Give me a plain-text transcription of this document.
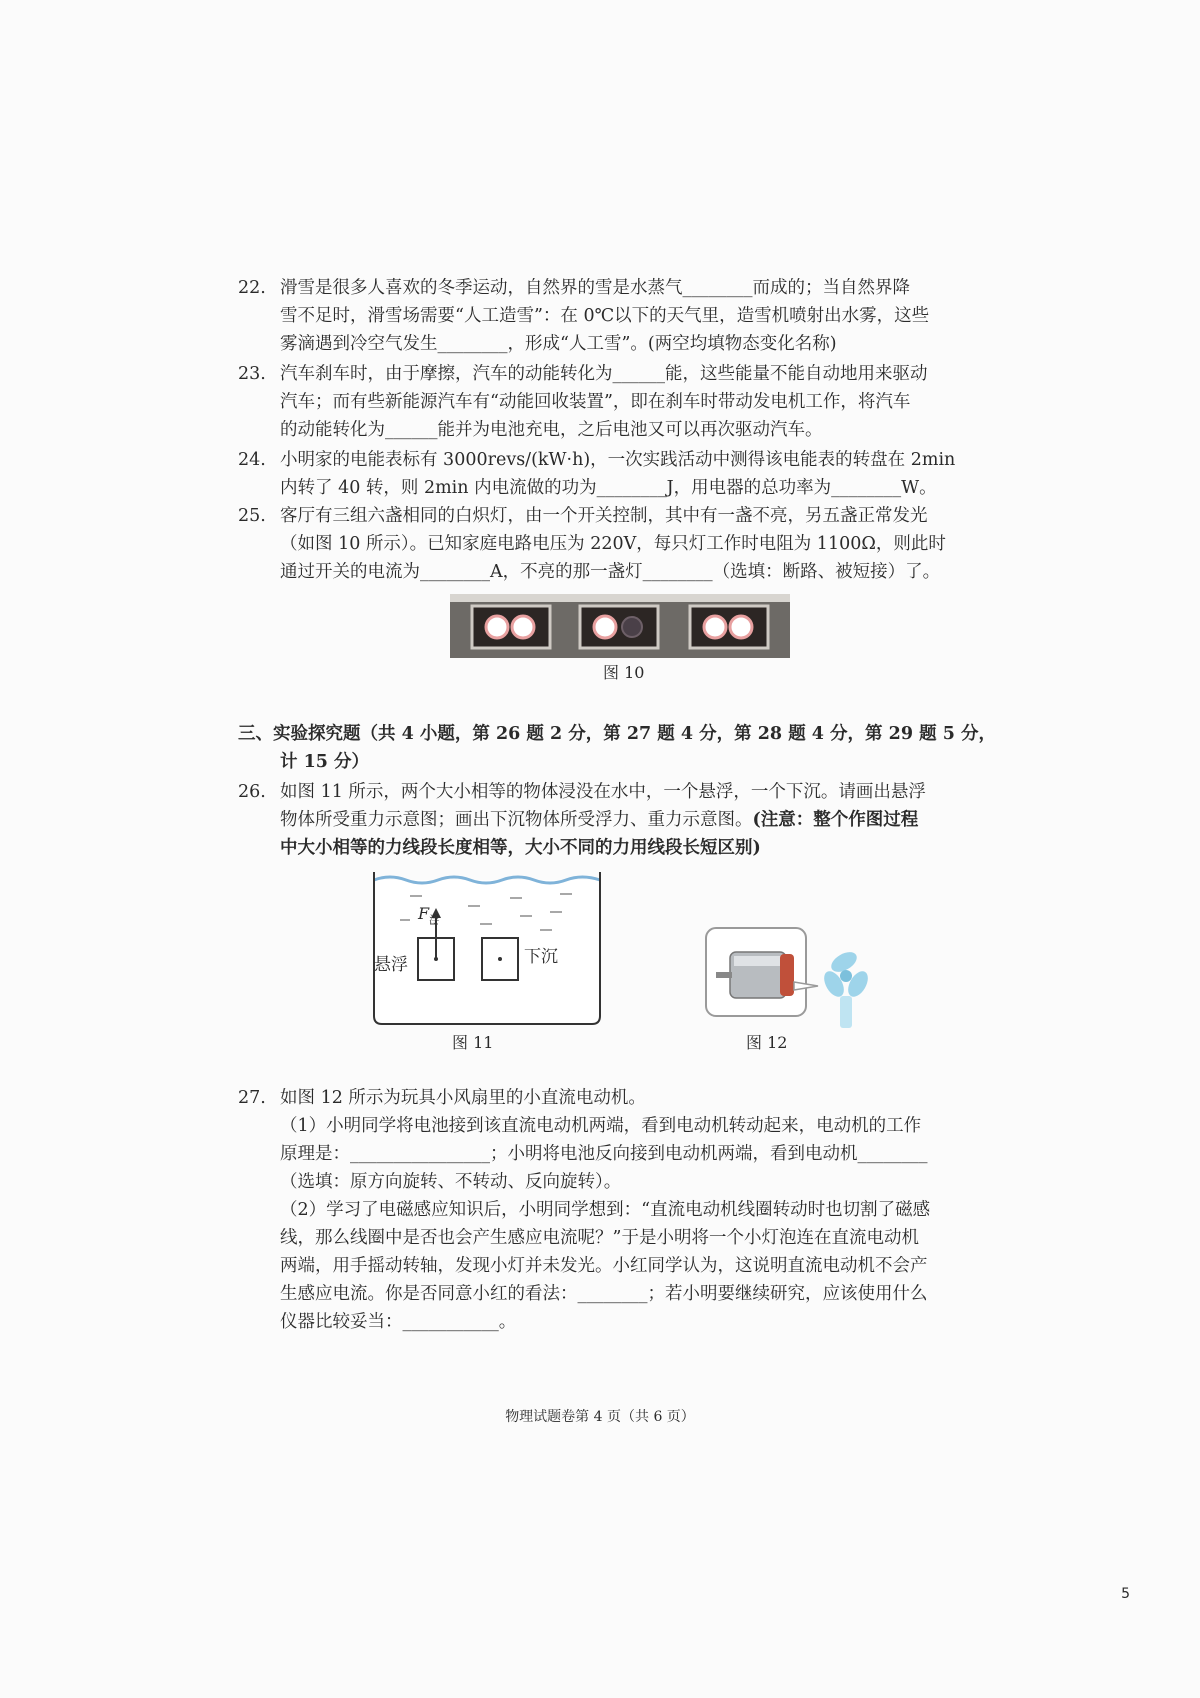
22. 滑雪是很多人喜欢的冬季运动，自然界的雪是水蒸气________而成的；当自然界降
雪不足时，滑雪场需要“人工造雪”：在 0℃以下的天气里，造雪机喷射出水雾，这些
雾滴遇到冷空气发生________，形成“人工雪”。(两空均填物态变化名称)
23. 汽车刹车时，由于摩擦，汽车的动能转化为______能，这些能量不能自动地用来驱动
汽车；而有些新能源汽车有“动能回收装置”，即在刹车时带动发电机工作，将汽车
的动能转化为______能并为电池充电，之后电池又可以再次驱动汽车。
24. 小明家的电能表标有 3000revs/(kW·h)，一次实践活动中测得该电能表的转盘在 2min
内转了 40 转，则 2min 内电流做的功为________J，用电器的总功率为________W。
25. 客厅有三组六盏相同的白炽灯，由一个开关控制，其中有一盏不亮，另五盏正常发光
（如图 10 所示）。已知家庭电路电压为 220V，每只灯工作时电阻为 1100Ω，则此时
通过开关的电流为________A，不亮的那一盏灯________（选填：断路、被短接）了。
图 10
三、实验探究题（共 4 小题，第 26 题 2 分，第 27 题 4 分，第 28 题 4 分，第 29 题 5 分，
计 15 分）
26. 如图 11 所示，两个大小相等的物体浸没在水中，一个悬浮，一个下沉。请画出悬浮
物体所受重力示意图；画出下沉物体所受浮力、重力示意图。(注意：整个作图过程
中大小相等的力线段长度相等，大小不同的力用线段长短区别)
$F_浮$
悬浮	下沉
图 11	图 12
27. 如图 12 所示为玩具小风扇里的小直流电动机。
（1）小明同学将电池接到该直流电动机两端，看到电动机转动起来，电动机的工作
原理是：________________；小明将电池反向接到电动机两端，看到电动机________
（选填：原方向旋转、不转动、反向旋转）。
（2）学习了电磁感应知识后，小明同学想到：“直流电动机线圈转动时也切割了磁感
线，那么线圈中是否也会产生感应电流呢？”于是小明将一个小灯泡连在直流电动机
两端，用手摇动转轴，发现小灯并未发光。小红同学认为，这说明直流电动机不会产
生感应电流。你是否同意小红的看法：________；若小明要继续研究，应该使用什么
仪器比较妥当：___________。
物理试题卷第 4 页（共 6 页）
5
